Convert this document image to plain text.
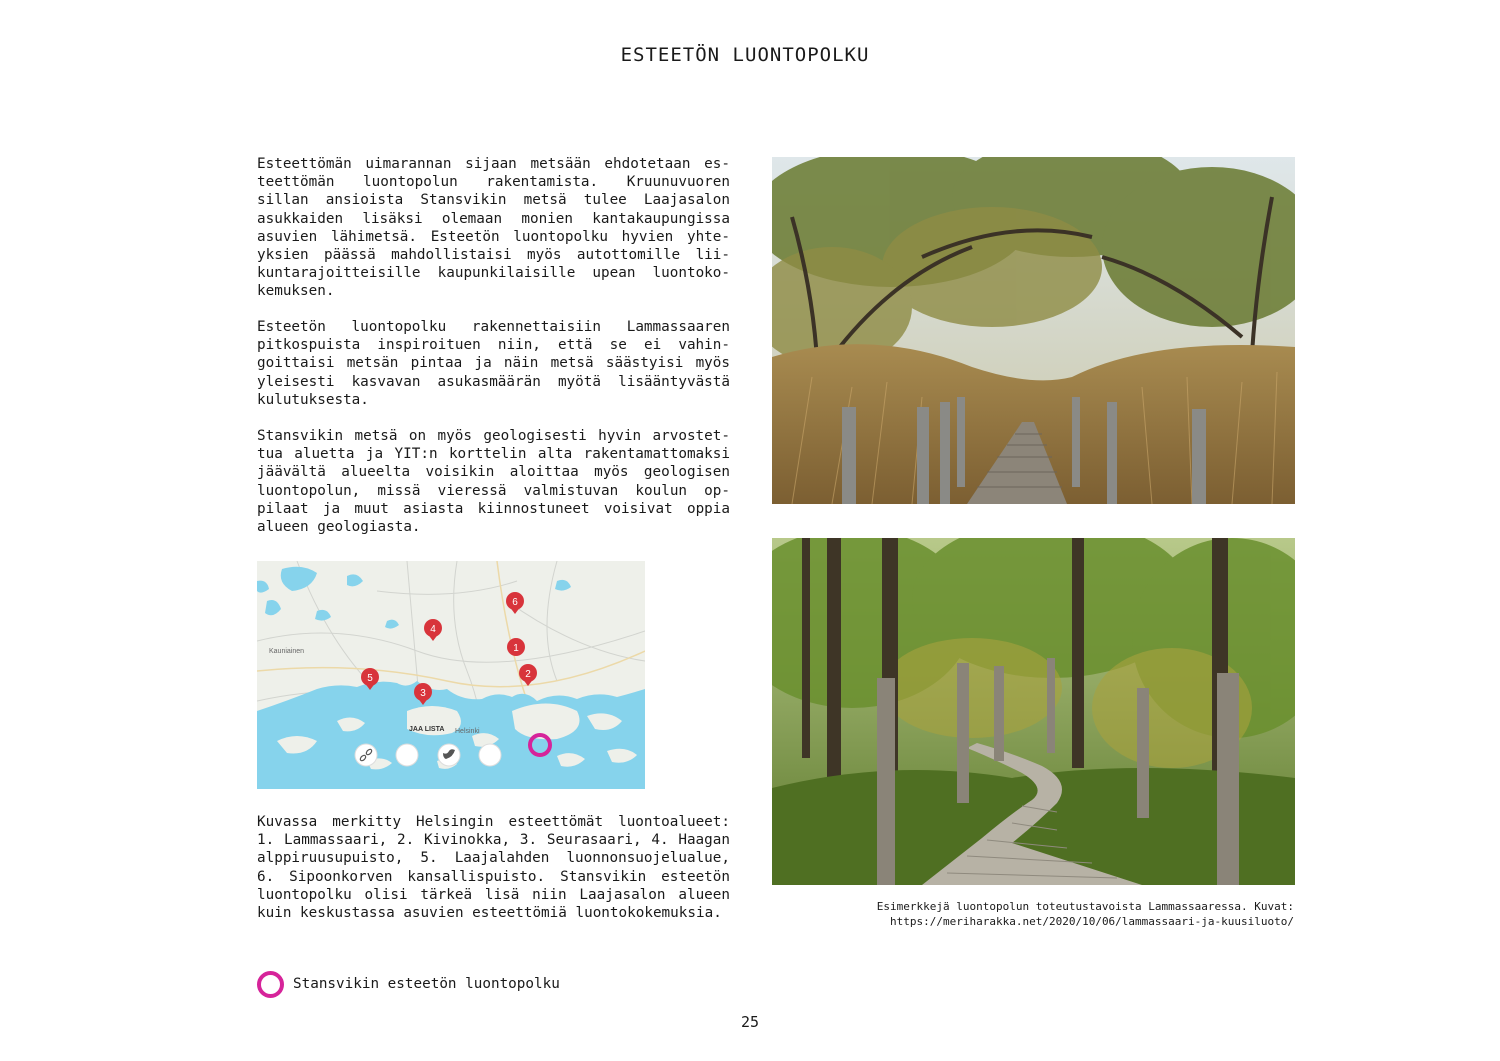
ESTEETÖN LUONTOPOLKU

Esteettömän uimarannan sijaan metsään ehdotetaan esteettömän luontopolun rakentamista. Kruunuvuoren sillan ansioista Stansvikin metsä tulee Laajasalon asukkaiden lisäksi olemaan monien kantakaupungissa asuvien lähimetsä. Esteetön luontopolku hyvien yhteyksien päässä mahdollistaisi myös autottomille liikuntarajoitteisille kaupunkilaisille upean luontokokemuksen.

Esteetön luontopolku rakennettaisiin Lammassaaren pitkospuista inspiroituen niin, että se ei vahingoittaisi metsän pintaa ja näin metsä säästyisi myös yleisesti kasvavan asukasmäärän myötä lisääntyvästä kulutuksesta.

Stansvikin metsä on myös geologisesti hyvin arvostettua aluetta ja YIT:n korttelin alta rakentamattomaksi jäävältä alueelta voisikin aloittaa myös geologisen luontopolun, missä vieressä valmistuvan koulun oppilaat ja muut asiasta kiinnostuneet voisivat oppia alueen geologiasta.

Kauniainen
Helsinki
JAA LISTA
1
2
3
4
5
6

Kuvassa merkitty Helsingin esteettömät luontoalueet: 1. Lammassaari, 2. Kivinokka, 3. Seurasaari, 4. Haagan alppiruusupuisto, 5. Laajalahden luonnonsuojelualue, 6. Sipoonkorven kansallispuisto. Stansvikin esteetön luontopolku olisi tärkeä lisä niin Laajasalon alueen kuin keskustassa asuvien esteettömiä luontokokemuksia.

Stansvikin esteetön luontopolku
Esimerkkejä luontopolun toteutustavoista Lammassaaressa. Kuvat:
https://meriharakka.net/2020/10/06/lammassaari-ja-kuusiluoto/
25
